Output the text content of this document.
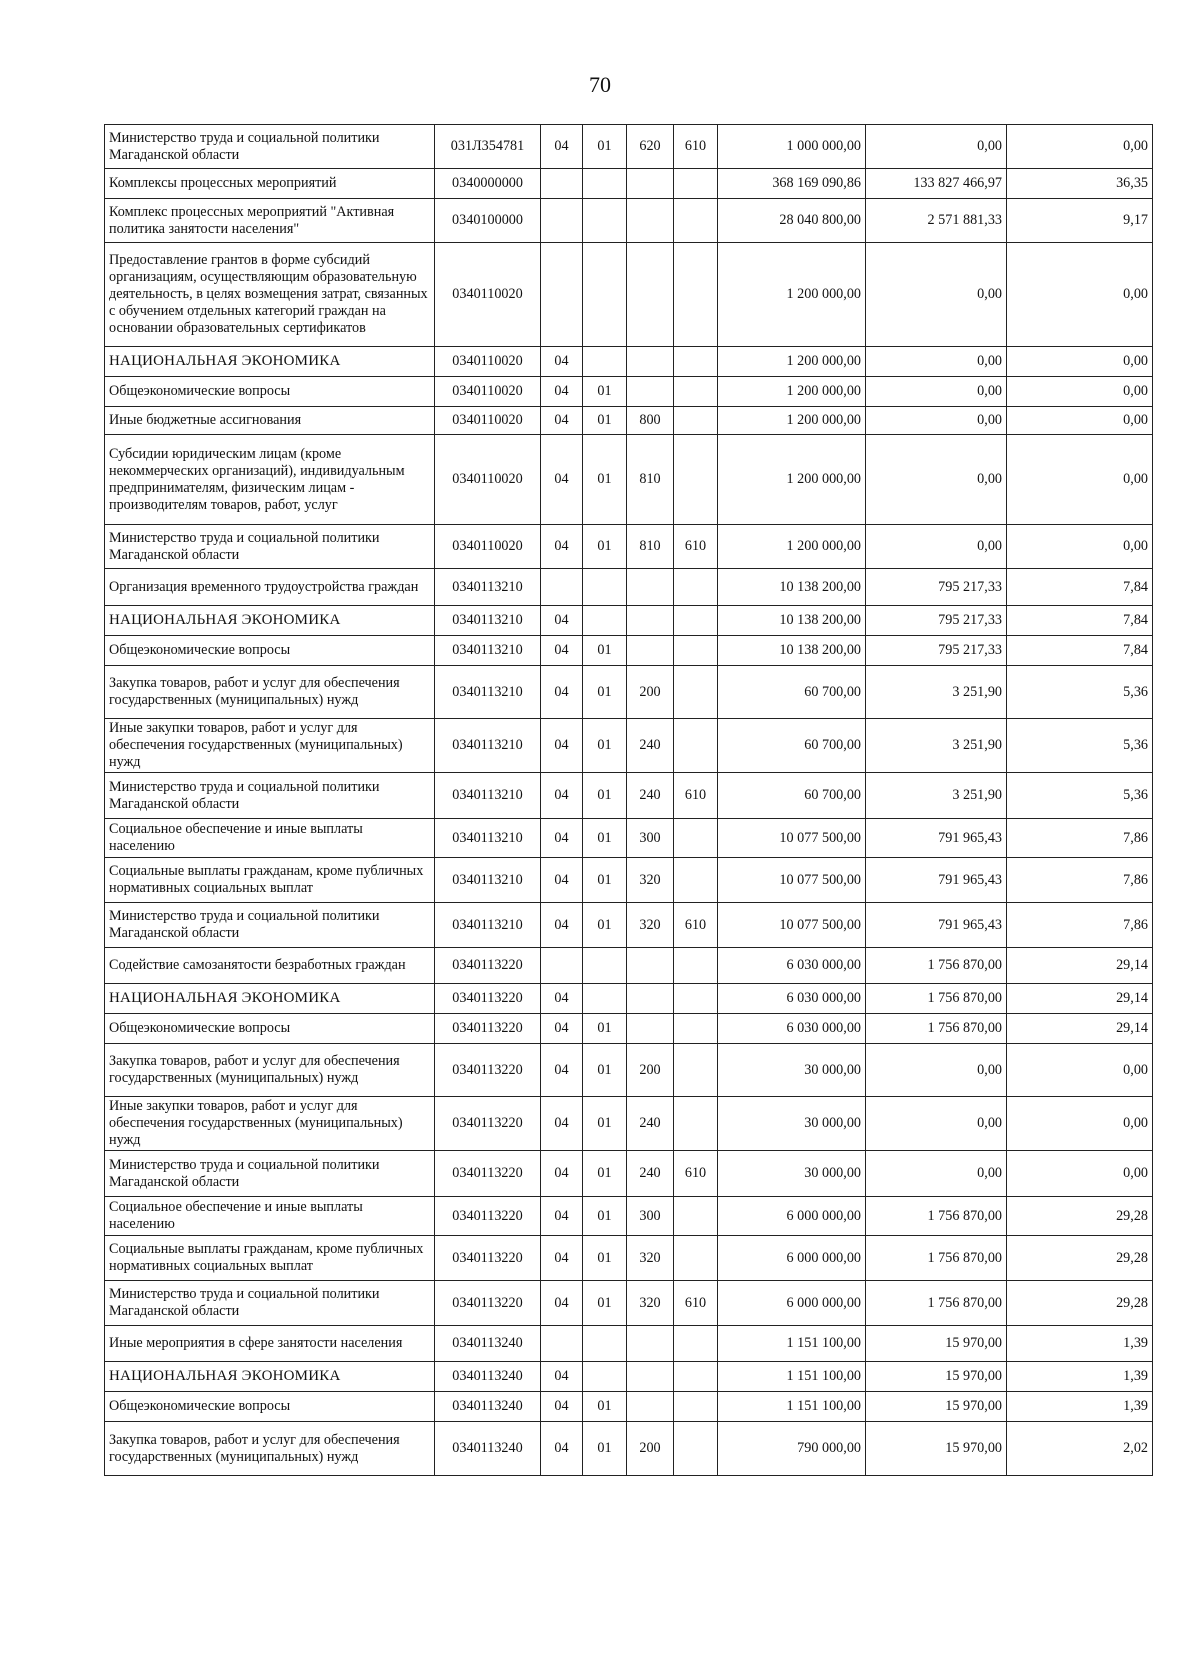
70
Министерство труда и социальной политики Магаданской области	031Л354781	04	01	620	610	1 000 000,00	0,00	0,00
Комплексы процессных мероприятий	0340000000					368 169 090,86	133 827 466,97	36,35
Комплекс процессных мероприятий "Активная политика занятости населения"	0340100000					28 040 800,00	2 571 881,33	9,17
Предоставление грантов в форме субсидий организациям, осуществляющим образовательную деятельность, в целях возмещения затрат, связанных с обучением отдельных категорий граждан на основании образовательных сертификатов	0340110020					1 200 000,00	0,00	0,00
НАЦИОНАЛЬНАЯ ЭКОНОМИКА	0340110020	04				1 200 000,00	0,00	0,00
Общеэкономические вопросы	0340110020	04	01			1 200 000,00	0,00	0,00
Иные бюджетные ассигнования	0340110020	04	01	800		1 200 000,00	0,00	0,00
Субсидии юридическим лицам (кроме некоммерческих организаций), индивидуальным предпринимателям, физическим лицам - производителям товаров, работ, услуг	0340110020	04	01	810		1 200 000,00	0,00	0,00
Министерство труда и социальной политики Магаданской области	0340110020	04	01	810	610	1 200 000,00	0,00	0,00
Организация временного трудоустройства граждан	0340113210					10 138 200,00	795 217,33	7,84
НАЦИОНАЛЬНАЯ ЭКОНОМИКА	0340113210	04				10 138 200,00	795 217,33	7,84
Общеэкономические вопросы	0340113210	04	01			10 138 200,00	795 217,33	7,84
Закупка товаров, работ и услуг для обеспечения государственных (муниципальных) нужд	0340113210	04	01	200		60 700,00	3 251,90	5,36
Иные закупки товаров, работ и услуг для обеспечения государственных (муниципальных) нужд	0340113210	04	01	240		60 700,00	3 251,90	5,36
Министерство труда и социальной политики Магаданской области	0340113210	04	01	240	610	60 700,00	3 251,90	5,36
Социальное обеспечение и иные выплаты населению	0340113210	04	01	300		10 077 500,00	791 965,43	7,86
Социальные выплаты гражданам, кроме публичных нормативных социальных выплат	0340113210	04	01	320		10 077 500,00	791 965,43	7,86
Министерство труда и социальной политики Магаданской области	0340113210	04	01	320	610	10 077 500,00	791 965,43	7,86
Содействие самозанятости безработных граждан	0340113220					6 030 000,00	1 756 870,00	29,14
НАЦИОНАЛЬНАЯ ЭКОНОМИКА	0340113220	04				6 030 000,00	1 756 870,00	29,14
Общеэкономические вопросы	0340113220	04	01			6 030 000,00	1 756 870,00	29,14
Закупка товаров, работ и услуг для обеспечения государственных (муниципальных) нужд	0340113220	04	01	200		30 000,00	0,00	0,00
Иные закупки товаров, работ и услуг для обеспечения государственных (муниципальных) нужд	0340113220	04	01	240		30 000,00	0,00	0,00
Министерство труда и социальной политики Магаданской области	0340113220	04	01	240	610	30 000,00	0,00	0,00
Социальное обеспечение и иные выплаты населению	0340113220	04	01	300		6 000 000,00	1 756 870,00	29,28
Социальные выплаты гражданам, кроме публичных нормативных социальных выплат	0340113220	04	01	320		6 000 000,00	1 756 870,00	29,28
Министерство труда и социальной политики Магаданской области	0340113220	04	01	320	610	6 000 000,00	1 756 870,00	29,28
Иные мероприятия в сфере занятости населения	0340113240					1 151 100,00	15 970,00	1,39
НАЦИОНАЛЬНАЯ ЭКОНОМИКА	0340113240	04				1 151 100,00	15 970,00	1,39
Общеэкономические вопросы	0340113240	04	01			1 151 100,00	15 970,00	1,39
Закупка товаров, работ и услуг для обеспечения государственных (муниципальных) нужд	0340113240	04	01	200		790 000,00	15 970,00	2,02
